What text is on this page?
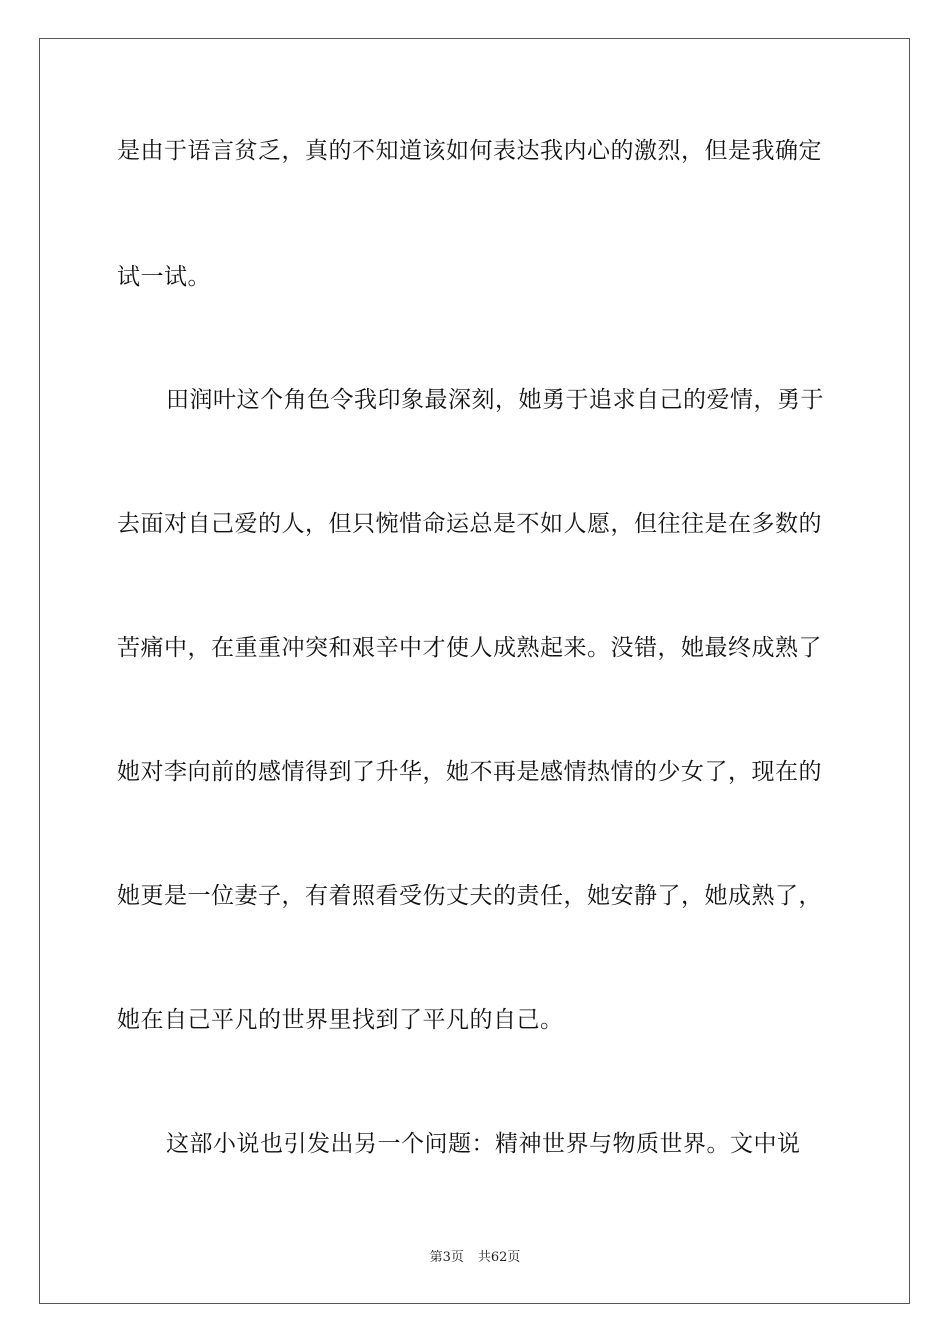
是由于语言贫乏，真的不知道该如何表达我内心的激烈，但是我确定
试一试。
田润叶这个角色令我印象最深刻，她勇于追求自己的爱情，勇于
去面对自己爱的人，但只惋惜命运总是不如人愿，但往往是在多数的
苦痛中，在重重冲突和艰辛中才使人成熟起来。没错，她最终成熟了
她对李向前的感情得到了升华，她不再是感情热情的少女了，现在的
她更是一位妻子，有着照看受伤丈夫的责任，她安静了，她成熟了，
她在自己平凡的世界里找到了平凡的自己。
这部小说也引发出另一个问题：精神世界与物质世界。文中说
第3页 共62页
